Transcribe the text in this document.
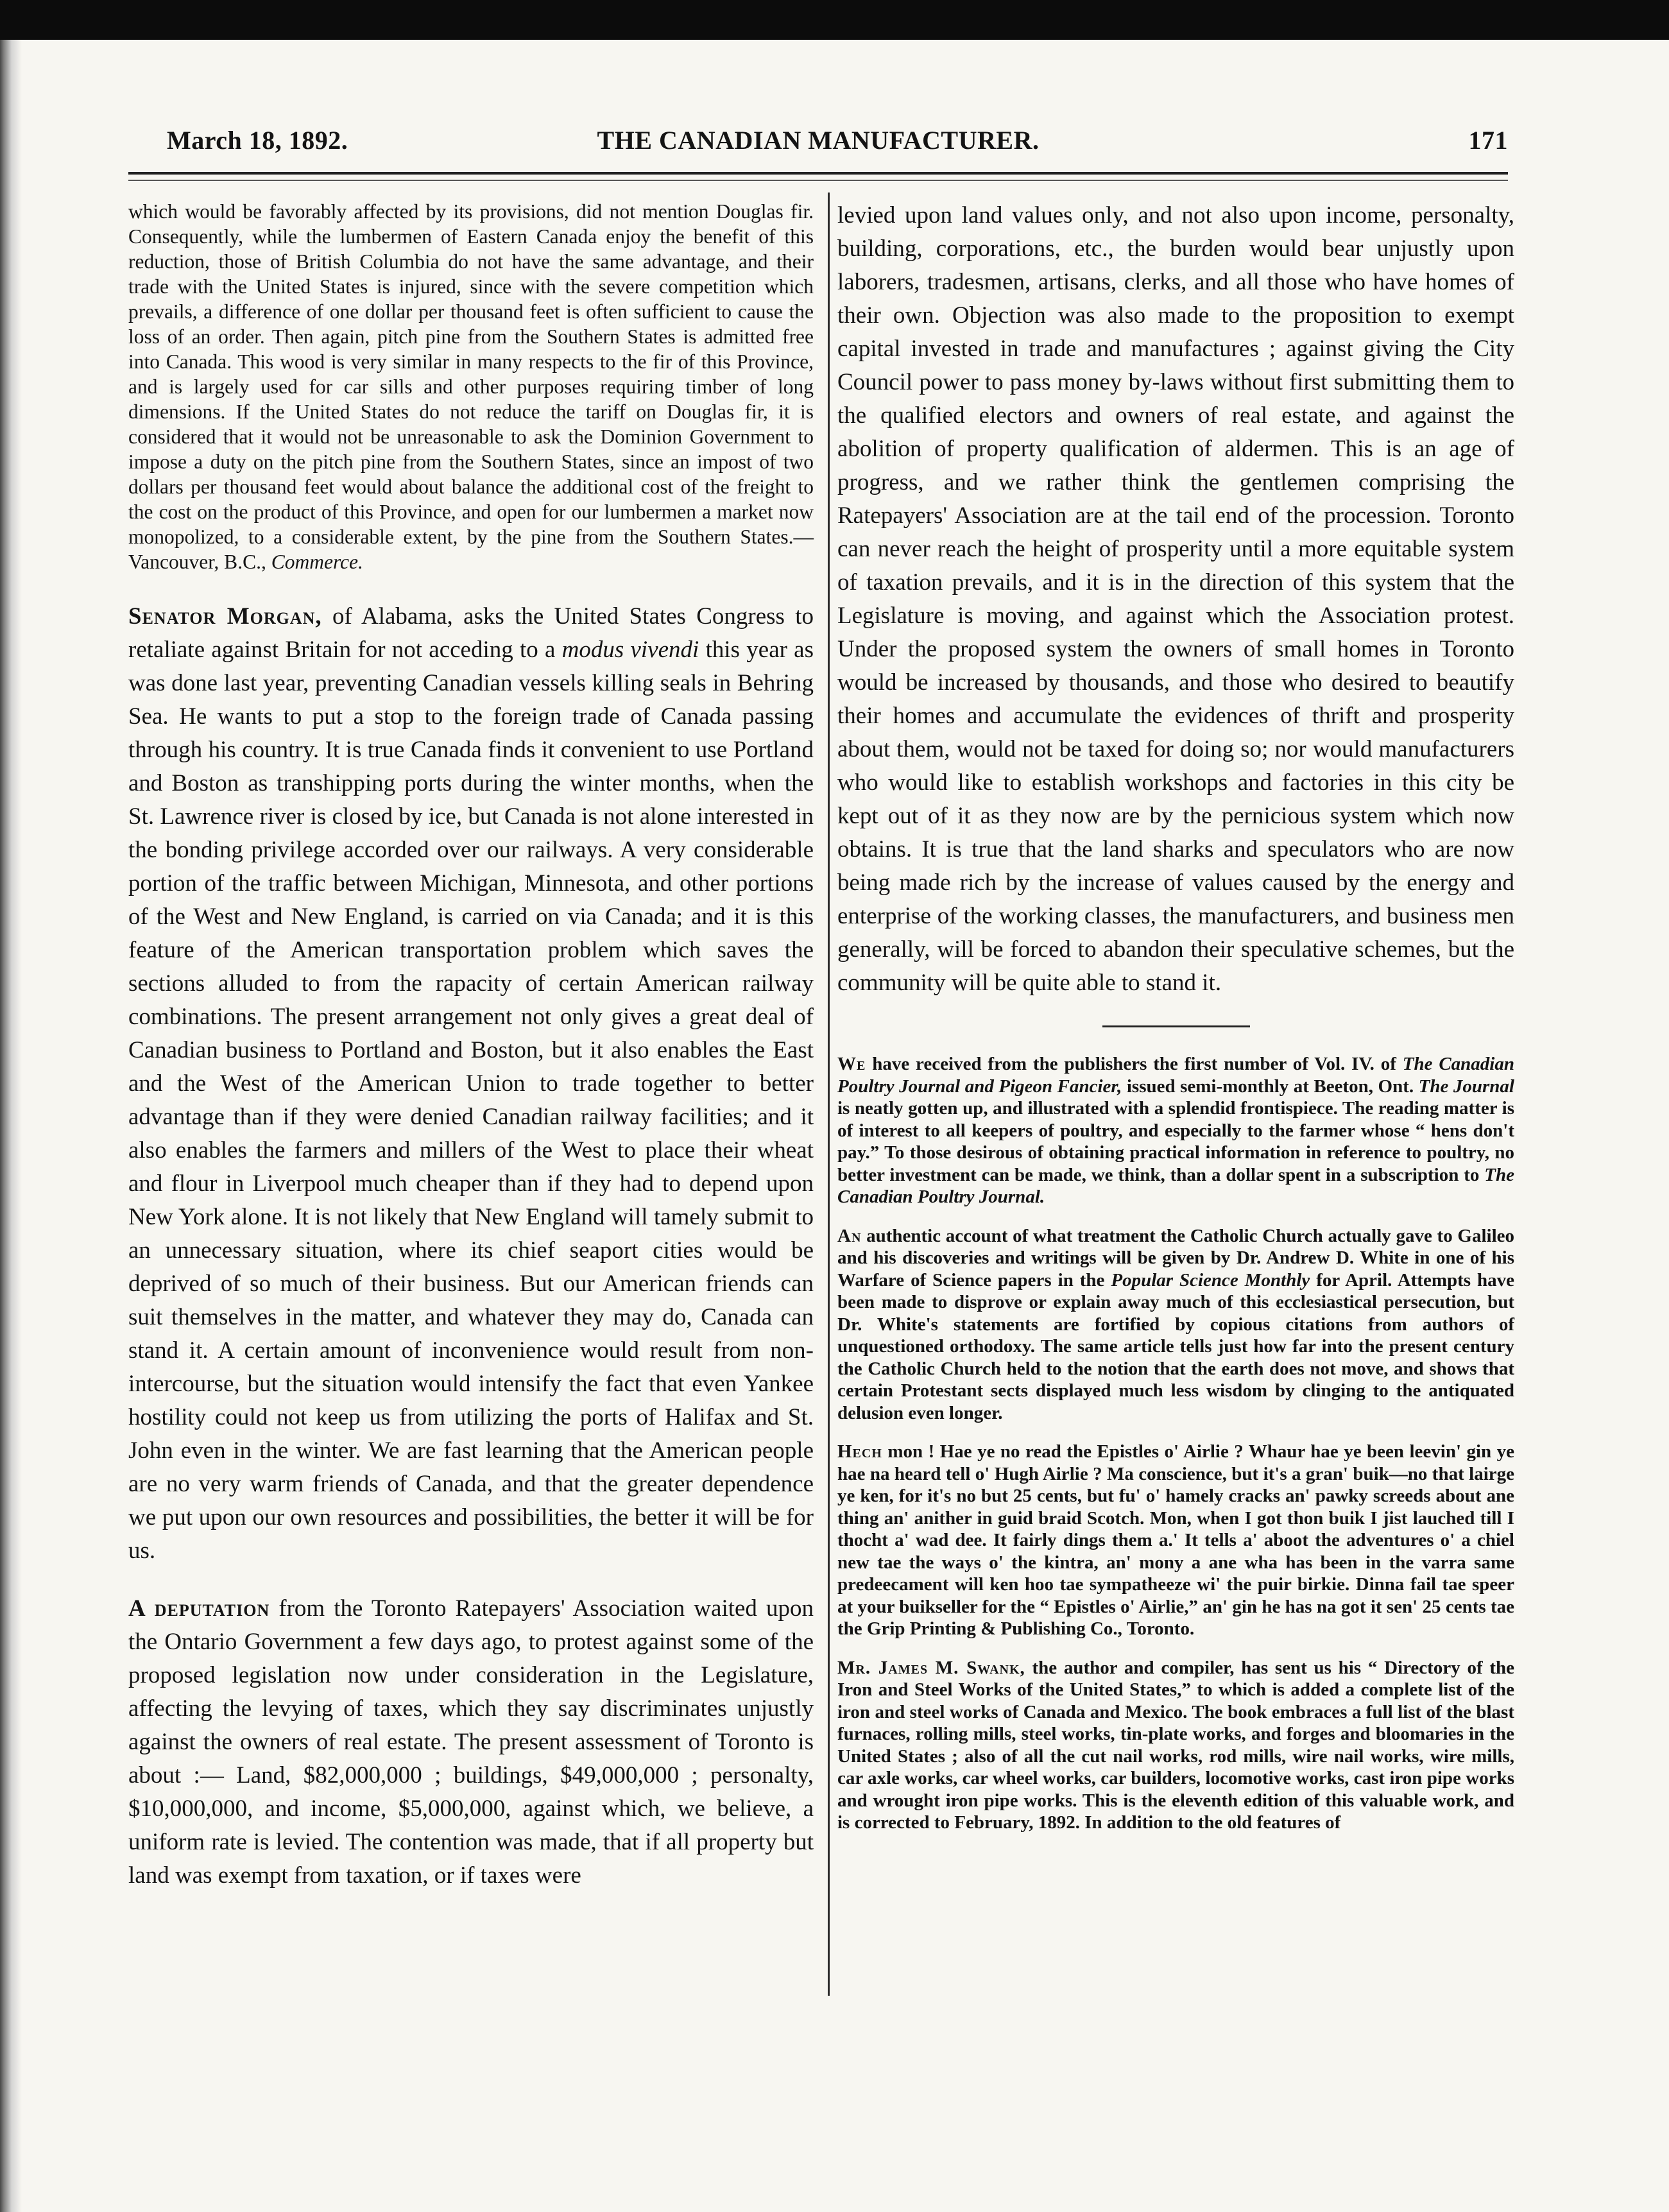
March 18, 1892.	THE CANADIAN MANUFACTURER.	171

which would be favorably affected by its provisions, did not mention Douglas fir. Consequently, while the lumbermen of Eastern Canada enjoy the benefit of this reduction, those of British Columbia do not have the same advantage, and their trade with the United States is injured, since with the severe competition which prevails, a difference of one dollar per thousand feet is often sufficient to cause the loss of an order. Then again, pitch pine from the Southern States is admitted free into Canada. This wood is very similar in many respects to the fir of this Province, and is largely used for car sills and other purposes requiring timber of long dimensions. If the United States do not reduce the tariff on Douglas fir, it is considered that it would not be unreasonable to ask the Dominion Government to impose a duty on the pitch pine from the Southern States, since an impost of two dollars per thousand feet would about balance the additional cost of the freight to the cost on the product of this Province, and open for our lumbermen a market now monopolized, to a considerable extent, by the pine from the Southern States.—Vancouver, B.C., Commerce.

Senator Morgan, of Alabama, asks the United States Congress to retaliate against Britain for not acceding to a modus vivendi this year as was done last year, preventing Canadian vessels killing seals in Behring Sea. He wants to put a stop to the foreign trade of Canada passing through his country. It is true Canada finds it convenient to use Portland and Boston as transhipping ports during the winter months, when the St. Lawrence river is closed by ice, but Canada is not alone interested in the bonding privilege accorded over our railways. A very considerable portion of the traffic between Michigan, Minnesota, and other portions of the West and New England, is carried on via Canada; and it is this feature of the American transportation problem which saves the sections alluded to from the rapacity of certain American railway combinations. The present arrangement not only gives a great deal of Canadian business to Portland and Boston, but it also enables the East and the West of the American Union to trade together to better advantage than if they were denied Canadian railway facilities; and it also enables the farmers and millers of the West to place their wheat and flour in Liverpool much cheaper than if they had to depend upon New York alone. It is not likely that New England will tamely submit to an unnecessary situation, where its chief seaport cities would be deprived of so much of their business. But our American friends can suit themselves in the matter, and whatever they may do, Canada can stand it. A certain amount of inconvenience would result from non-intercourse, but the situation would intensify the fact that even Yankee hostility could not keep us from utilizing the ports of Halifax and St. John even in the winter. We are fast learning that the American people are no very warm friends of Canada, and that the greater dependence we put upon our own resources and possibilities, the better it will be for us.

A deputation from the Toronto Ratepayers' Association waited upon the Ontario Government a few days ago, to protest against some of the proposed legislation now under consideration in the Legislature, affecting the levying of taxes, which they say discriminates unjustly against the owners of real estate. The present assessment of Toronto is about :— Land, $82,000,000 ; buildings, $49,000,000 ; personalty, $10,000,000, and income, $5,000,000, against which, we believe, a uniform rate is levied. The contention was made, that if all property but land was exempt from taxation, or if taxes were

levied upon land values only, and not also upon income, personalty, building, corporations, etc., the burden would bear unjustly upon laborers, tradesmen, artisans, clerks, and all those who have homes of their own. Objection was also made to the proposition to exempt capital invested in trade and manufactures ; against giving the City Council power to pass money by-laws without first submitting them to the qualified electors and owners of real estate, and against the abolition of property qualification of aldermen. This is an age of progress, and we rather think the gentlemen comprising the Ratepayers' Association are at the tail end of the procession. Toronto can never reach the height of prosperity until a more equitable system of taxation prevails, and it is in the direction of this system that the Legislature is moving, and against which the Association protest. Under the proposed system the owners of small homes in Toronto would be increased by thousands, and those who desired to beautify their homes and accumulate the evidences of thrift and prosperity about them, would not be taxed for doing so; nor would manufacturers who would like to establish workshops and factories in this city be kept out of it as they now are by the pernicious system which now obtains. It is true that the land sharks and speculators who are now being made rich by the increase of values caused by the energy and enterprise of the working classes, the manufacturers, and business men generally, will be forced to abandon their speculative schemes, but the community will be quite able to stand it.

We have received from the publishers the first number of Vol. IV. of The Canadian Poultry Journal and Pigeon Fancier, issued semi-monthly at Beeton, Ont. The Journal is neatly gotten up, and illustrated with a splendid frontispiece. The reading matter is of interest to all keepers of poultry, and especially to the farmer whose “ hens don't pay.” To those desirous of obtaining practical information in reference to poultry, no better investment can be made, we think, than a dollar spent in a subscription to The Canadian Poultry Journal.

An authentic account of what treatment the Catholic Church actually gave to Galileo and his discoveries and writings will be given by Dr. Andrew D. White in one of his Warfare of Science papers in the Popular Science Monthly for April. Attempts have been made to disprove or explain away much of this ecclesiastical persecution, but Dr. White's statements are fortified by copious citations from authors of unquestioned orthodoxy. The same article tells just how far into the present century the Catholic Church held to the notion that the earth does not move, and shows that certain Protestant sects displayed much less wisdom by clinging to the antiquated delusion even longer.

Hech mon ! Hae ye no read the Epistles o' Airlie ? Whaur hae ye been leevin' gin ye hae na heard tell o' Hugh Airlie ? Ma conscience, but it's a gran' buik—no that lairge ye ken, for it's no but 25 cents, but fu' o' hamely cracks an' pawky screeds about ane thing an' anither in guid braid Scotch. Mon, when I got thon buik I jist lauched till I thocht a' wad dee. It fairly dings them a.' It tells a' aboot the adventures o' a chiel new tae the ways o' the kintra, an' mony a ane wha has been in the varra same predeecament will ken hoo tae sympatheeze wi' the puir birkie. Dinna fail tae speer at your buikseller for the “ Epistles o' Airlie,” an' gin he has na got it sen' 25 cents tae the Grip Printing & Publishing Co., Toronto.

Mr. James M. Swank, the author and compiler, has sent us his “ Directory of the Iron and Steel Works of the United States,” to which is added a complete list of the iron and steel works of Canada and Mexico. The book embraces a full list of the blast furnaces, rolling mills, steel works, tin-plate works, and forges and bloomaries in the United States ; also of all the cut nail works, rod mills, wire nail works, wire mills, car axle works, car wheel works, car builders, locomotive works, cast iron pipe works and wrought iron pipe works. This is the eleventh edition of this valuable work, and is corrected to February, 1892. In addition to the old features of
